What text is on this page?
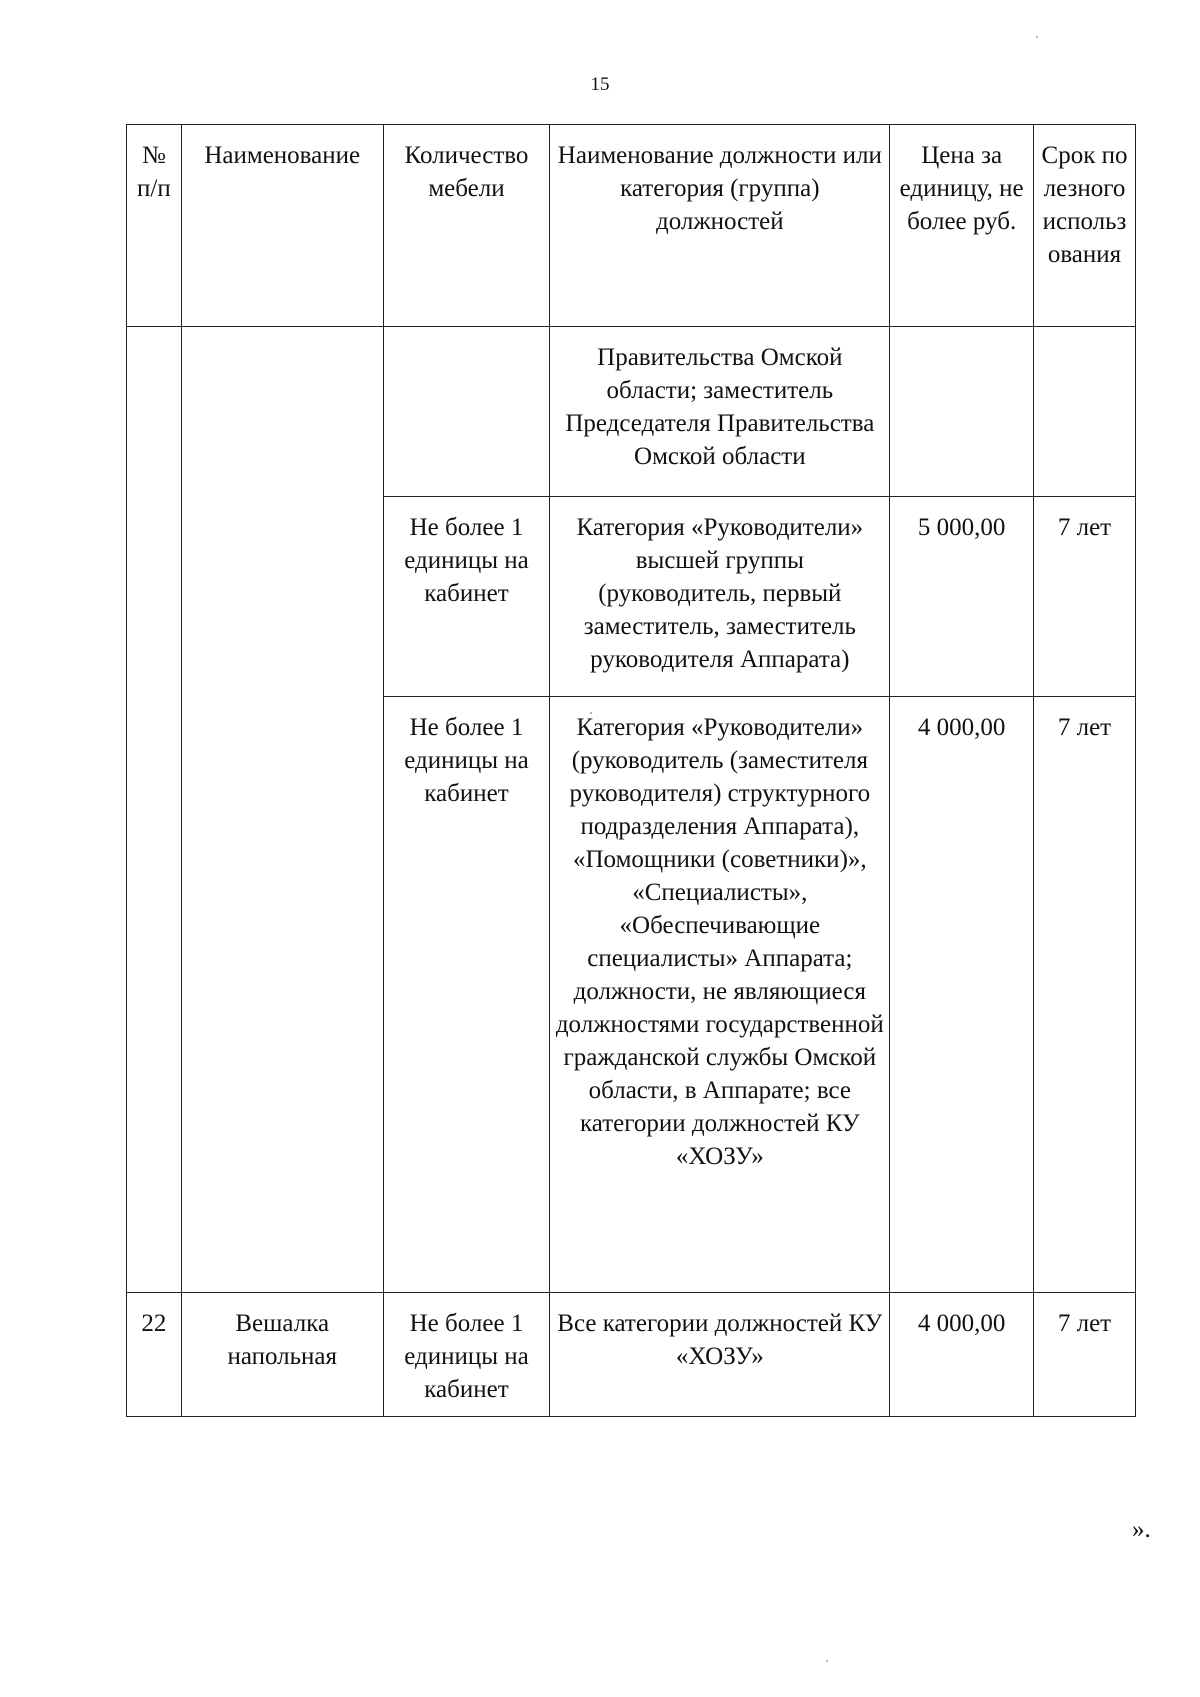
15
№ п/п	Наименование	Количество мебели	Наименование должности или категория (группа) должностей	Цена за единицу, не более руб.	Срок полезного использования
			Правительства Омской области; заместитель Председателя Правительства Омской области		
		Не более 1 единицы на кабинет	Категория «Руководители» высшей группы (руководитель, первый заместитель, заместитель руководителя Аппарата)	5 000,00	7 лет
		Не более 1 единицы на кабинет	Категория «Руководители» (руководитель (заместителя руководителя) структурного подразделения Аппарата), «Помощники (советники)», «Специалисты», «Обеспечивающие специалисты» Аппарата; должности, не являющиеся должностями государственной гражданской службы Омской области, в Аппарате; все категории должностей КУ «ХОЗУ»	4 000,00	7 лет
22	Вешалка напольная	Не более 1 единицы на кабинет	Все категории должностей КУ «ХОЗУ»	4 000,00	7 лет
».
